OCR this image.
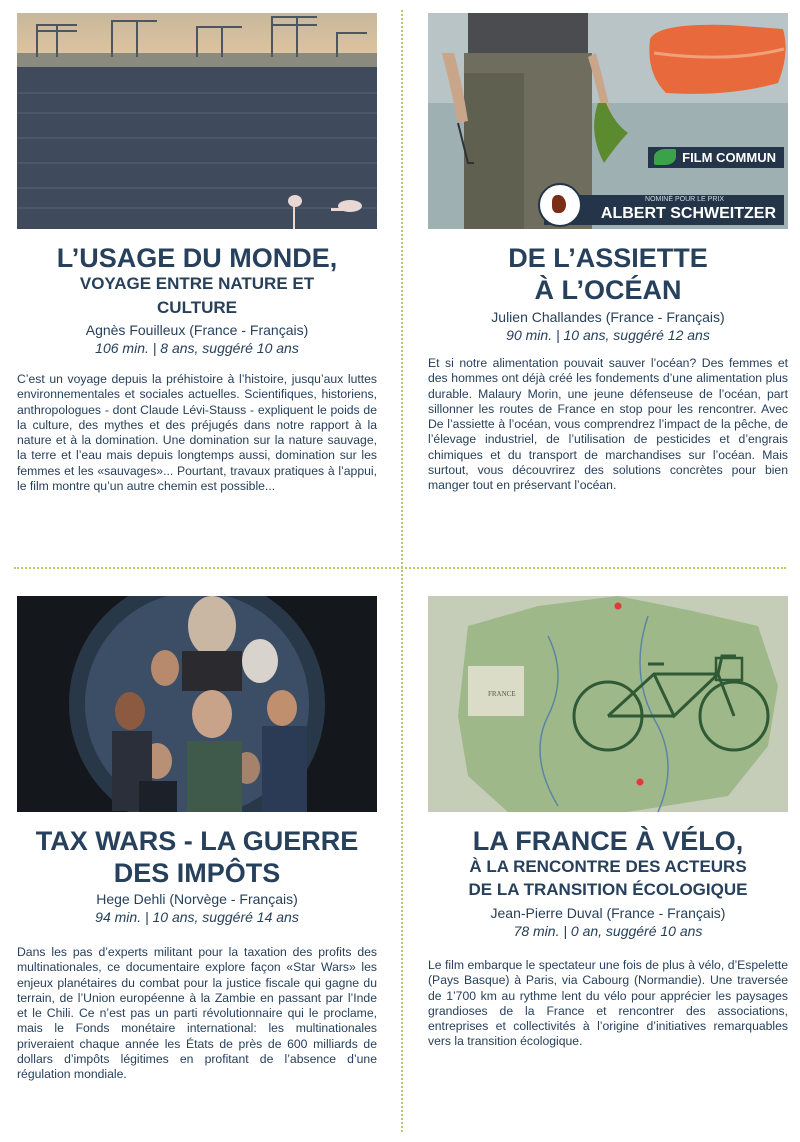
L’USAGE DU MONDE,
VOYAGE ENTRE NATURE ET
CULTURE
Agnès Fouilleux (France - Français)
106 min. | 8 ans, suggéré 10 ans
C’est un voyage depuis la préhistoire à l’histoire, jusqu’aux luttes environnementales et sociales actuelles. Scientifiques, historiens, anthropologues - dont Claude Lévi-Stauss - expliquent le poids de la culture, des mythes et des préjugés dans notre rapport à la nature et à la domination. Une domination sur la nature sauvage, la terre et l’eau mais depuis longtemps aussi, domination sur les femmes et les «sauvages»... Pourtant, travaux pratiques à l’appui, le film montre qu’un autre chemin est possible...
FILM COMMUN
NOMINÉ POUR LE PRIX
ALBERT SCHWEITZER
DE L’ASSIETTE
À L’OCÉAN
Julien Challandes (France - Français)
90 min. | 10 ans, suggéré 12 ans
Et si notre alimentation pouvait sauver l’océan? Des femmes et des hommes ont déjà créé les fondements d’une alimentation plus durable. Malaury Morin, une jeune défenseuse de l’océan, part sillonner les routes de France en stop pour les rencontrer. Avec De l’assiette à l’océan, vous comprendrez l’impact de la pêche, de l’élevage industriel, de l’utilisation de pesticides et d’engrais chimiques et du transport de marchandises sur l’océan. Mais surtout, vous découvrirez des solutions concrètes pour bien manger tout en préservant l’océan.
TAX WARS - LA GUERRE
DES IMPÔTS
Hege Dehli (Norvège - Français)
94 min. | 10 ans, suggéré 14 ans
Dans les pas d’experts militant pour la taxation des profits des multinationales, ce documentaire explore façon «Star Wars» les enjeux planétaires du combat pour la justice fiscale qui gagne du terrain, de l’Union européenne à la Zambie en passant par l’Inde et le Chili. Ce n’est pas un parti révolutionnaire qui le proclame, mais le Fonds monétaire international: les multinationales priveraient chaque année les États de près de 600 milliards de dollars d’impôts légitimes en profitant de l’absence d’une régulation mondiale.
FRANCE
LA FRANCE À VÉLO,
À LA RENCONTRE DES ACTEURS
DE LA TRANSITION ÉCOLOGIQUE
Jean-Pierre Duval (France - Français)
78 min. | 0 an, suggéré 10 ans
Le film embarque le spectateur une fois de plus à vélo, d’Espelette (Pays Basque) à Paris, via Cabourg (Normandie). Une traversée de 1’700 km au rythme lent du vélo pour apprécier les paysages grandioses de la France et rencontrer des associations, entreprises et collectivités à l’origine d’initiatives remarquables vers la transition écologique.
